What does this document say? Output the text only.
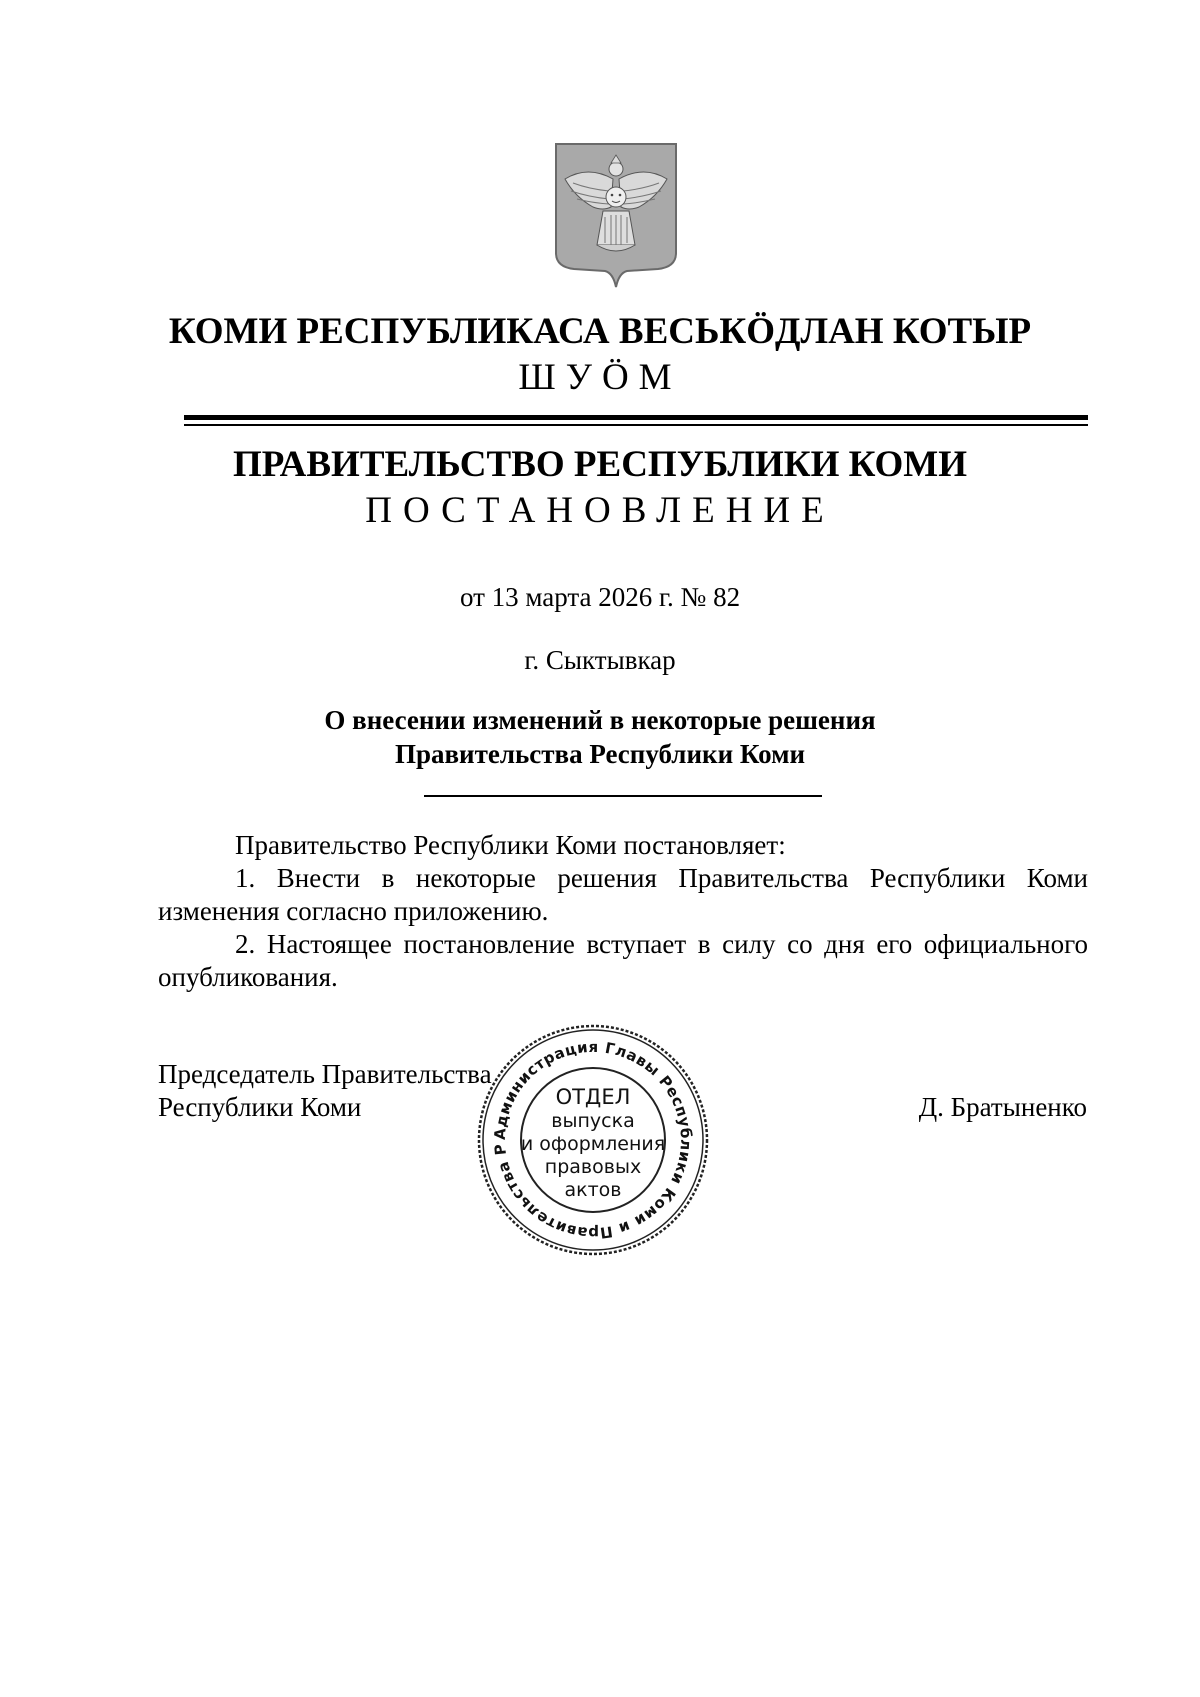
КОМИ РЕСПУБЛИКАСА ВЕСЬКӦДЛАН КОТЫР
ШУӦМ
ПРАВИТЕЛЬСТВО РЕСПУБЛИКИ КОМИ
ПОСТАНОВЛЕНИЕ
от 13 марта 2026 г. № 82
г. Сыктывкар
О внесении изменений в некоторые решения
Правительства Республики Коми

Правительство Республики Коми постановляет:

1. Внести в некоторые решения Правительства Республики Коми изменения согласно приложению.

2. Настоящее постановление вступает в силу со дня его официального опубликования.

Председатель Правительства
Республики Коми	Д. Братыненко
Администрация Главы Республики Коми и Правительства Р
ОТДЕЛ
выпуска
и оформления
правовых
актов
